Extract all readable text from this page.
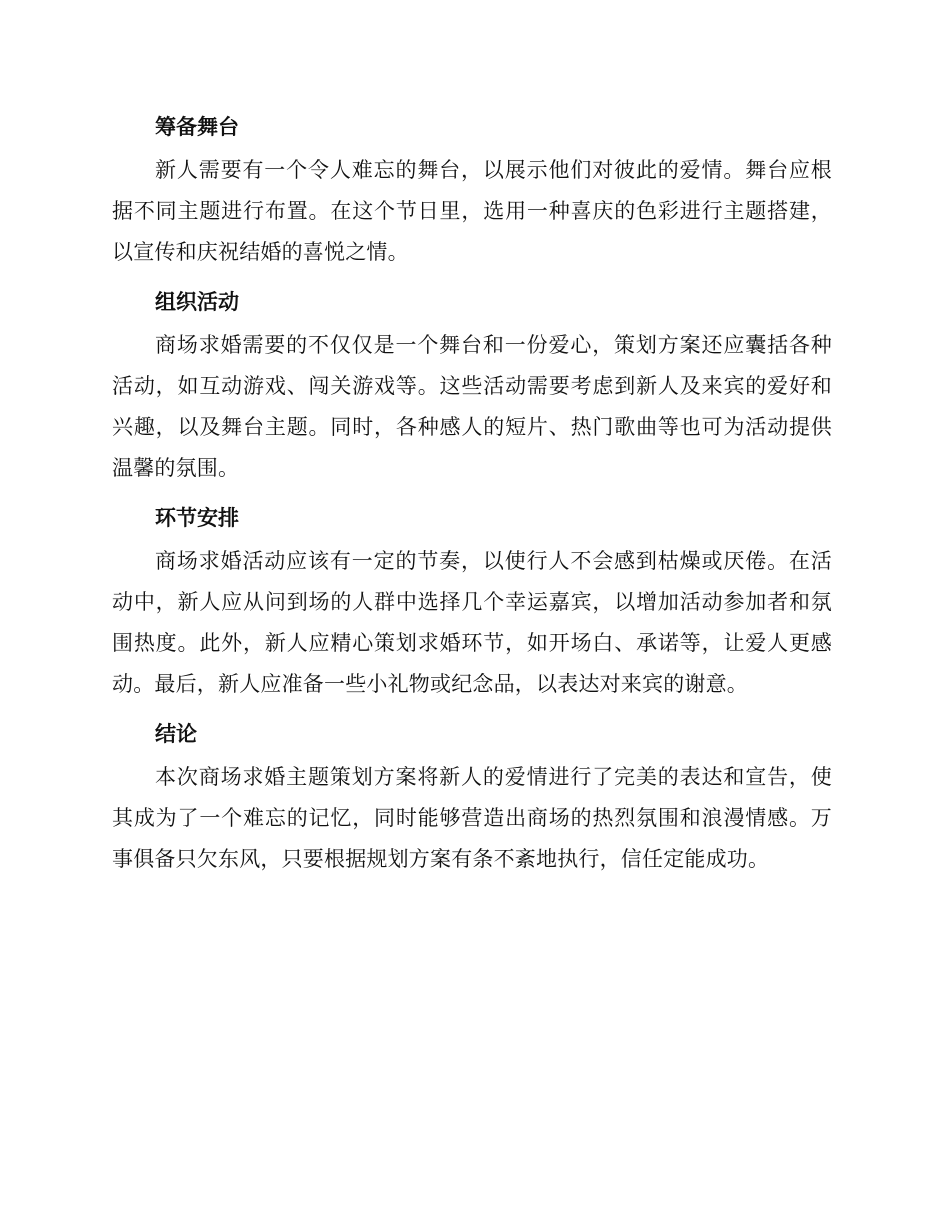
筹备舞台

新人需要有一个令人难忘的舞台，以展示他们对彼此的爱情。舞台应根据不同主题进行布置。在这个节日里，选用一种喜庆的色彩进行主题搭建，以宣传和庆祝结婚的喜悦之情。

组织活动

商场求婚需要的不仅仅是一个舞台和一份爱心，策划方案还应囊括各种活动，如互动游戏、闯关游戏等。这些活动需要考虑到新人及来宾的爱好和兴趣，以及舞台主题。同时，各种感人的短片、热门歌曲等也可为活动提供温馨的氛围。

环节安排

商场求婚活动应该有一定的节奏，以使行人不会感到枯燥或厌倦。在活动中，新人应从问到场的人群中选择几个幸运嘉宾，以增加活动参加者和氛围热度。此外，新人应精心策划求婚环节，如开场白、承诺等，让爱人更感动。最后，新人应准备一些小礼物或纪念品，以表达对来宾的谢意。

结论

本次商场求婚主题策划方案将新人的爱情进行了完美的表达和宣告，使其成为了一个难忘的记忆，同时能够营造出商场的热烈氛围和浪漫情感。万事俱备只欠东风，只要根据规划方案有条不紊地执行，信任定能成功。
